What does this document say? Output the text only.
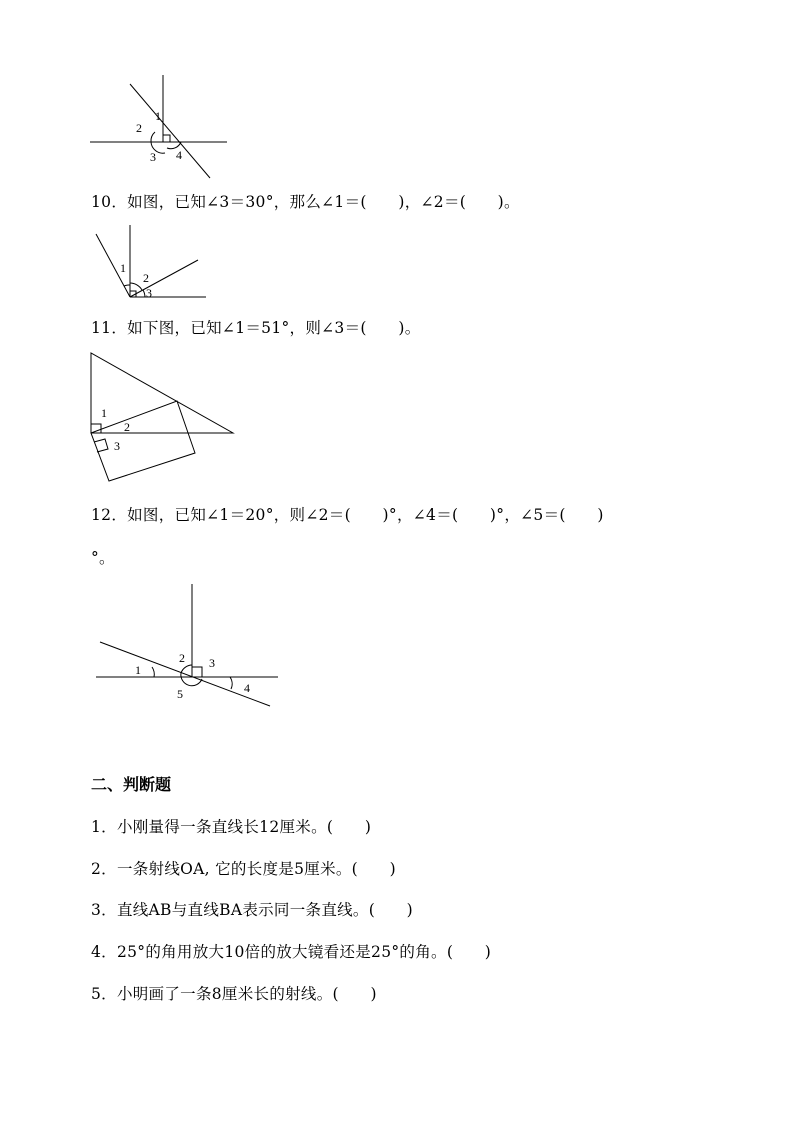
1
2
3 4
10．如图，已知∠3＝30°，那么∠1＝(　　)，∠2＝(　　)。
1
2
3
11．如下图，已知∠1＝51°，则∠3＝(　　)。
1
2
3
12．如图，已知∠1＝20°，则∠2＝(　　)°，∠4＝(　　)°，∠5＝(　　)
°。
1
2 3
4
5
二、判断题
1．小刚量得一条直线长12厘米。(　　)
2．一条射线OA, 它的长度是5厘米。(　　)
3．直线AB与直线BA表示同一条直线。(　　)
4．25°的角用放大10倍的放大镜看还是25°的角。(　　)
5．小明画了一条8厘米长的射线。(　　)
